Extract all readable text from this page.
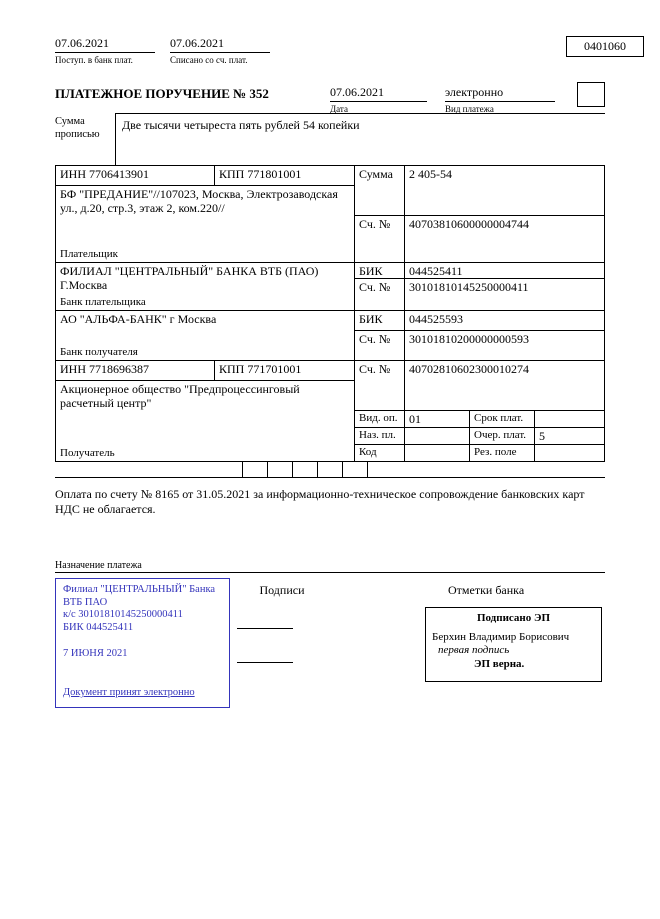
07.06.2021
Поступ. в банк плат.
07.06.2021
Списано со сч. плат.
0401060
ПЛАТЕЖНОЕ ПОРУЧЕНИЕ № 352	07.06.2021
Дата
электронно
Вид платежа
Сумма прописью
Две тысячи четыреста пять рублей 54 копейки
ИНН 7706413901	КПП 771801001	Сумма	2 405-54
БФ "ПРЕДАНИЕ"//107023, Москва, Электрозаводская ул., д.20, стр.3, этаж 2, ком.220//
Плательщик
Сч. №	40703810600000004744
ФИЛИАЛ "ЦЕНТРАЛЬНЫЙ" БАНКА ВТБ (ПАО)
Г.Москва
Банк плательщика
БИК	044525411
Сч. №	30101810145250000411
АО "АЛЬФА-БАНК" г Москва
Банк получателя
БИК	044525593
Сч. №	30101810200000000593
ИНН 7718696387	КПП 771701001	Сч. №	40702810602300010274
Акционерное общество "Предпроцессинговый расчетный центр"
Получатель
Вид. оп. 01	Срок плат.
Наз. пл.	Очер. плат.	5
Код	Рез. поле
Оплата по счету № 8165 от 31.05.2021 за информационно-техническое сопровождение банковских карт НДС не облагается.
Назначение платежа
Подписи	Отметки банка
Филиал "ЦЕНТРАЛЬНЫЙ" Банка
ВТБ ПАО
к/с 30101810145250000411
БИК 044525411
7 ИЮНЯ 2021
Документ принят электронно
Подписано ЭП
Берхин Владимир Борисович
первая подпись
ЭП верна.
